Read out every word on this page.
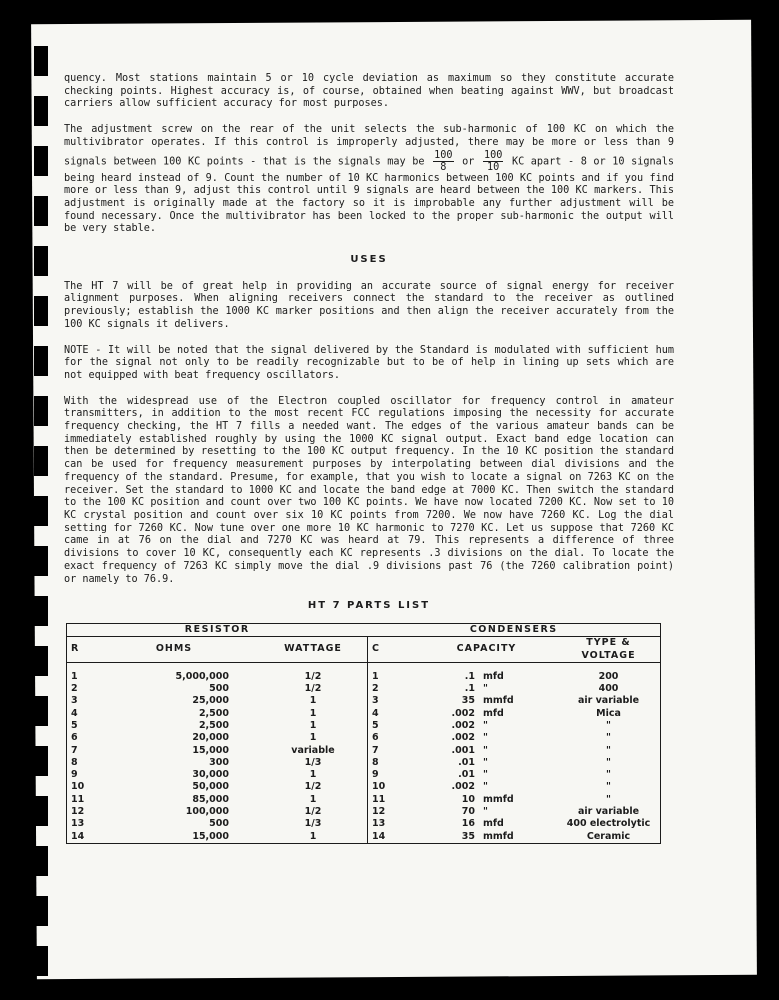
quency. Most stations maintain 5 or 10 cycle deviation as maximum so they constitute accurate checking points. Highest accuracy is, of course, obtained when beating against WWV, but broadcast carriers allow sufficient accuracy for most purposes.

The adjustment screw on the rear of the unit selects the sub-harmonic of 100 KC on which the multivibrator operates. If this control is improperly adjusted, there may be more or less than 9 signals between 100 KC points - that is the signals may be $\frac{100}{8}$ or $\frac{100}{10}$ KC apart - 8 or 10 signals being heard instead of 9. Count the number of 10 KC harmonics between 100 KC points and if you find more or less than 9, adjust this control until 9 signals are heard between the 100 KC markers. This adjustment is originally made at the factory so it is improbable any further adjustment will be found necessary. Once the multivibrator has been locked to the proper sub-harmonic the output will be very stable.

USES

The HT 7 will be of great help in providing an accurate source of signal energy for receiver alignment purposes. When aligning receivers connect the standard to the receiver as outlined previously; establish the 1000 KC marker positions and then align the receiver accurately from the 100 KC signals it delivers.

NOTE - It will be noted that the signal delivered by the Standard is modulated with sufficient hum for the signal not only to be readily recognizable but to be of help in lining up sets which are not equipped with beat frequency oscillators.

With the widespread use of the Electron coupled oscillator for frequency control in amateur transmitters, in addition to the most recent FCC regulations imposing the necessity for accurate frequency checking, the HT 7 fills a needed want. The edges of the various amateur bands can be immediately established roughly by using the 1000 KC signal output. Exact band edge location can then be determined by resetting to the 100 KC output frequency. In the 10 KC position the standard can be used for frequency measurement purposes by interpolating between dial divisions and the frequency of the standard. Presume, for example, that you wish to locate a signal on 7263 KC on the receiver. Set the standard to 1000 KC and locate the band edge at 7000 KC. Then switch the standard to the 100 KC position and count over two 100 KC points. We have now located 7200 KC. Now set to 10 KC crystal position and count over six 10 KC points from 7200. We now have 7260 KC. Log the dial setting for 7260 KC. Now tune over one more 10 KC harmonic to 7270 KC. Let us suppose that 7260 KC came in at 76 on the dial and 7270 KC was heard at 79. This represents a difference of three divisions to cover 10 KC, consequently each KC represents .3 divisions on the dial. To locate the exact frequency of 7263 KC simply move the dial .9 divisions past 76 (the 7260 calibration point) or namely to 76.9.

HT 7 PARTS LIST
RESISTOR			CONDENSERS			
R	OHMS	WATTAGE	C	CAPACITY		TYPE & VOLTAGE

1	5,000,000	1/2	1	.1	mfd	200
2	500	1/2	2	.1	"	400
3	25,000	1	3	35	mmfd	air variable
4	2,500	1	4	.002	mfd	Mica
5	2,500	1	5	.002	"	"
6	20,000	1	6	.002	"	"
7	15,000	variable	7	.001	"	"
8	300	1/3	8	.01	"	"
9	30,000	1	9	.01	"	"
10	50,000	1/2	10	.002	"	"
11	85,000	1	11	10	mmfd	"
12	100,000	1/2	12	70	"	air variable
13	500	1/3	13	16	mfd	400 electrolytic
14	15,000	1	14	35	mmfd	Ceramic
